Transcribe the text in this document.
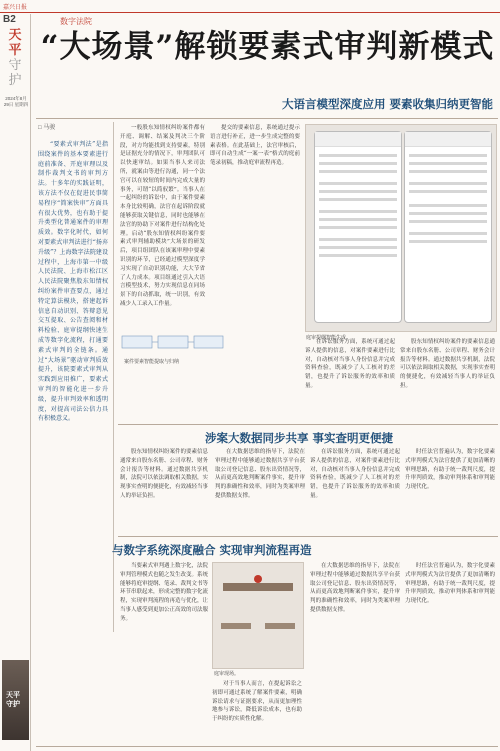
嘉兴日报
B2
天平
守护
2024年8月29日 星期四
天平守护
数字法院
“大场景”解锁要素式审判新模式
大语言模型深度应用 要素收集归纳更智能
□ 马骏
“要素式审判法”是指围绕案件的基本要素进行庭前准备、开庭审理以及制作裁判文书的审判方法。十多年的实践证明，该方法不仅在促进民事简易程序“简案快审”方面具有很大优势，也有助于提升类型化普通案件的审理质效。数字化时代，如何对要素式审判法进行“扬弃升级”？上海数字法院建设过程中，上海市第一中级人民法院、上海市松江区人民法院聚焦股东知情权纠纷案件审查要点，通过特定算法模块，搭建起诉信息自动识别、答辩意见交互提取、公告查阅和材料检验、庭审提纲快速生成等数字化流程，打通要素式审判的全链条。通过“大场景”驱动审判质效提升，该院要素式审判从实践到应用推广，要素式审判的智能化进一步升级，提升审判效率和透明度，对提高司法公信力具有积极意义。
一般股东知情权纠纷案件都有开庭、调解、结案及判决三个阶段，对方均能找到支持要素，特别是证据充分的情况下，审判团队可以快速审结。如果当事人来司法所，就案由等进行沟通，同一个法官可以在较短的时间内完成大量的事务，可谓“以简驭繁”。当事人在一起纠纷的诉讼中，由于案件要素本身比较明确，法官在起诉阶段就能够获取关键信息，同时也能够在法官的协助下对案件进行结构化处理。启动“股东知情权纠纷案件要素式审判辅助模块”大场景的研发后，项目组团队在该案审理中要素识别的环节，已经通过模型深度学习实现了自动识别功能，大大节省了人力成本。项目组通过引入大语言模型技术，努力实现信息在同场景下的自动抓取，统一识别，有效减少人工录入工作量。
提交的要素信息，系统通过提示语言进行补正，进一步生成完整的要素表格。在此基础上，法官审核后，即可自动生成“一案一表”格式的庭前笔录初稿，推动庭审流程再造。
庭审提纲智能生成。
案件要素智能提取与归纳
在诉讼服务方面，系统可通过起诉人提供的信息，对案件要素进行比对，自动核对当事人身份信息并完成资料查验，既减少了人工核对的差错，也提升了诉讼服务的效率和质量。
股东知情权纠纷案件的要素信息通常来自股东名册、公司章程、财务会计报告等材料。通过数据共享机制，法院可以依法调取相关数据，实现事实查明的便捷化，有效减轻当事人的举证负担。
涉案大数据同步共享 事实查明更便捷
股东知情权纠纷案件的要素信息通常来自股东名册、公司章程、财务会计报告等材料。通过数据共享机制，法院可以依法调取相关数据，实现事实查明的便捷化，有效减轻当事人的举证负担。
在大数据思维的指导下，法院在审理过程中能够通过数据共享平台获取公司登记信息、股东出资情况等，从而更高效地判断案件事实，提升审判的准确性和效率，同时为类案审理提供数据支撑。
在诉讼服务方面，系统可通过起诉人提供的信息，对案件要素进行比对，自动核对当事人身份信息并完成资料查验，既减少了人工核对的差错，也提升了诉讼服务的效率和质量。
时任法官普遍认为，数字化要素式审判模式为法官提供了更加清晰的审理思路，有助于统一裁判尺度，提升审判质效，推动审判体系和审判能力现代化。
与数字系统深度融合 实现审判流程再造
当要素式审判遇上数字化，法院审判管理模式也随之发生改变。系统能够将庭审提纲、笔录、裁判文书等环节串联起来，形成完整的数字化流程，实现审判流程的再造与优化，让当事人感受到更加公正高效的司法服务。
庭审现场。
对于当事人而言，在提起诉讼之初即可通过系统了解案件要素，明确诉讼请求与证据要求，从而更加理性地参与诉讼，降低诉讼成本，也有助于纠纷的实质性化解。
在大数据思维的指导下，法院在审理过程中能够通过数据共享平台获取公司登记信息、股东出资情况等，从而更高效地判断案件事实，提升审判的准确性和效率，同时为类案审理提供数据支撑。
时任法官普遍认为，数字化要素式审判模式为法官提供了更加清晰的审理思路，有助于统一裁判尺度，提升审判质效，推动审判体系和审判能力现代化。
